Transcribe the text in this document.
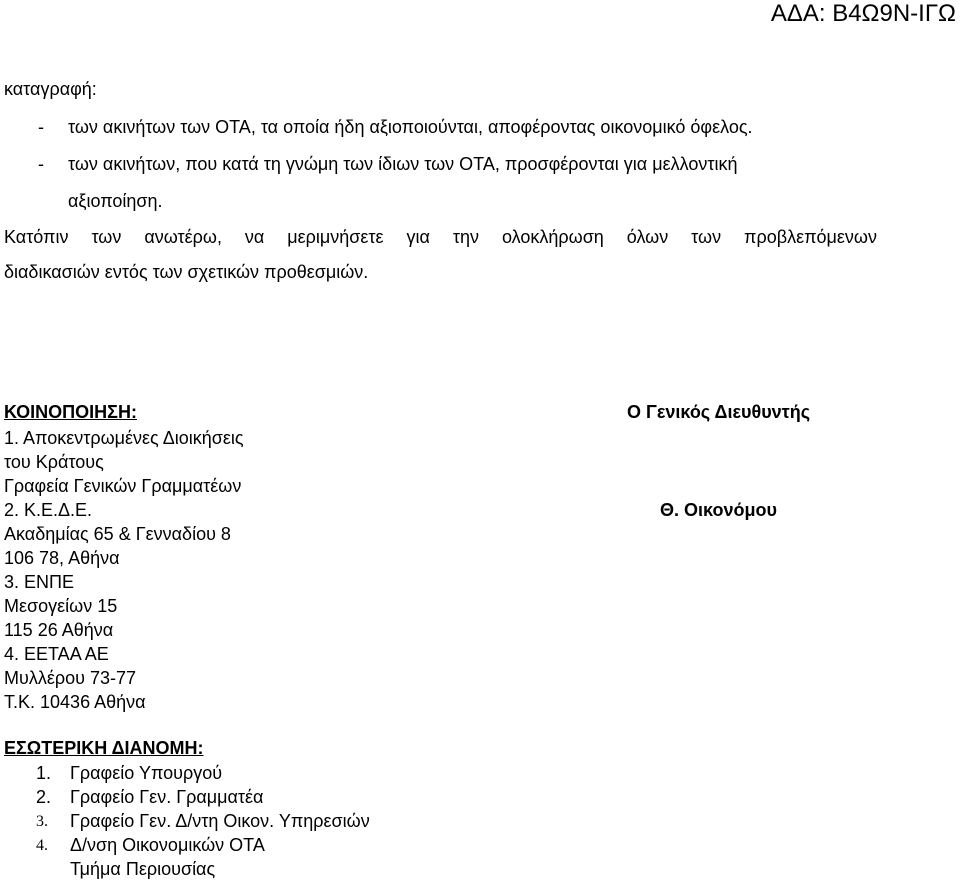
ΑΔΑ: Β4Ω9Ν-ΙΓΩ
καταγραφή:
- των ακινήτων των ΟΤΑ, τα οποία ήδη αξιοποιούνται, αποφέροντας οικονομικό όφελος.
- των ακινήτων, που κατά τη γνώμη των ίδιων των ΟΤΑ, προσφέρονται για μελλοντική
αξιοποίηση.
Κατόπιν των ανωτέρω, να μεριμνήσετε για την ολοκλήρωση όλων των προβλεπόμενων
διαδικασιών εντός των σχετικών προθεσμιών.
ΚΟΙΝΟΠΟΙΗΣΗ:
1. Αποκεντρωμένες Διοικήσεις
του Κράτους
Γραφεία Γενικών Γραμματέων
2. Κ.Ε.Δ.Ε.
Ακαδημίας 65 & Γενναδίου 8
106 78, Αθήνα
3. ΕΝΠΕ
Μεσογείων 15
115 26 Αθήνα
4. ΕΕΤΑΑ ΑΕ
Μυλλέρου 73-77
Τ.Κ. 10436 Αθήνα
Ο Γενικός Διευθυντής
Θ. Οικονόμου
ΕΣΩΤΕΡΙΚΗ ΔΙΑΝΟΜΗ:
1. Γραφείο Υπουργού
2. Γραφείο Γεν. Γραμματέα
3. Γραφείο Γεν. Δ/ντη Οικον. Υπηρεσιών
4. Δ/νση Οικονομικών ΟΤΑ
Τμήμα Περιουσίας
